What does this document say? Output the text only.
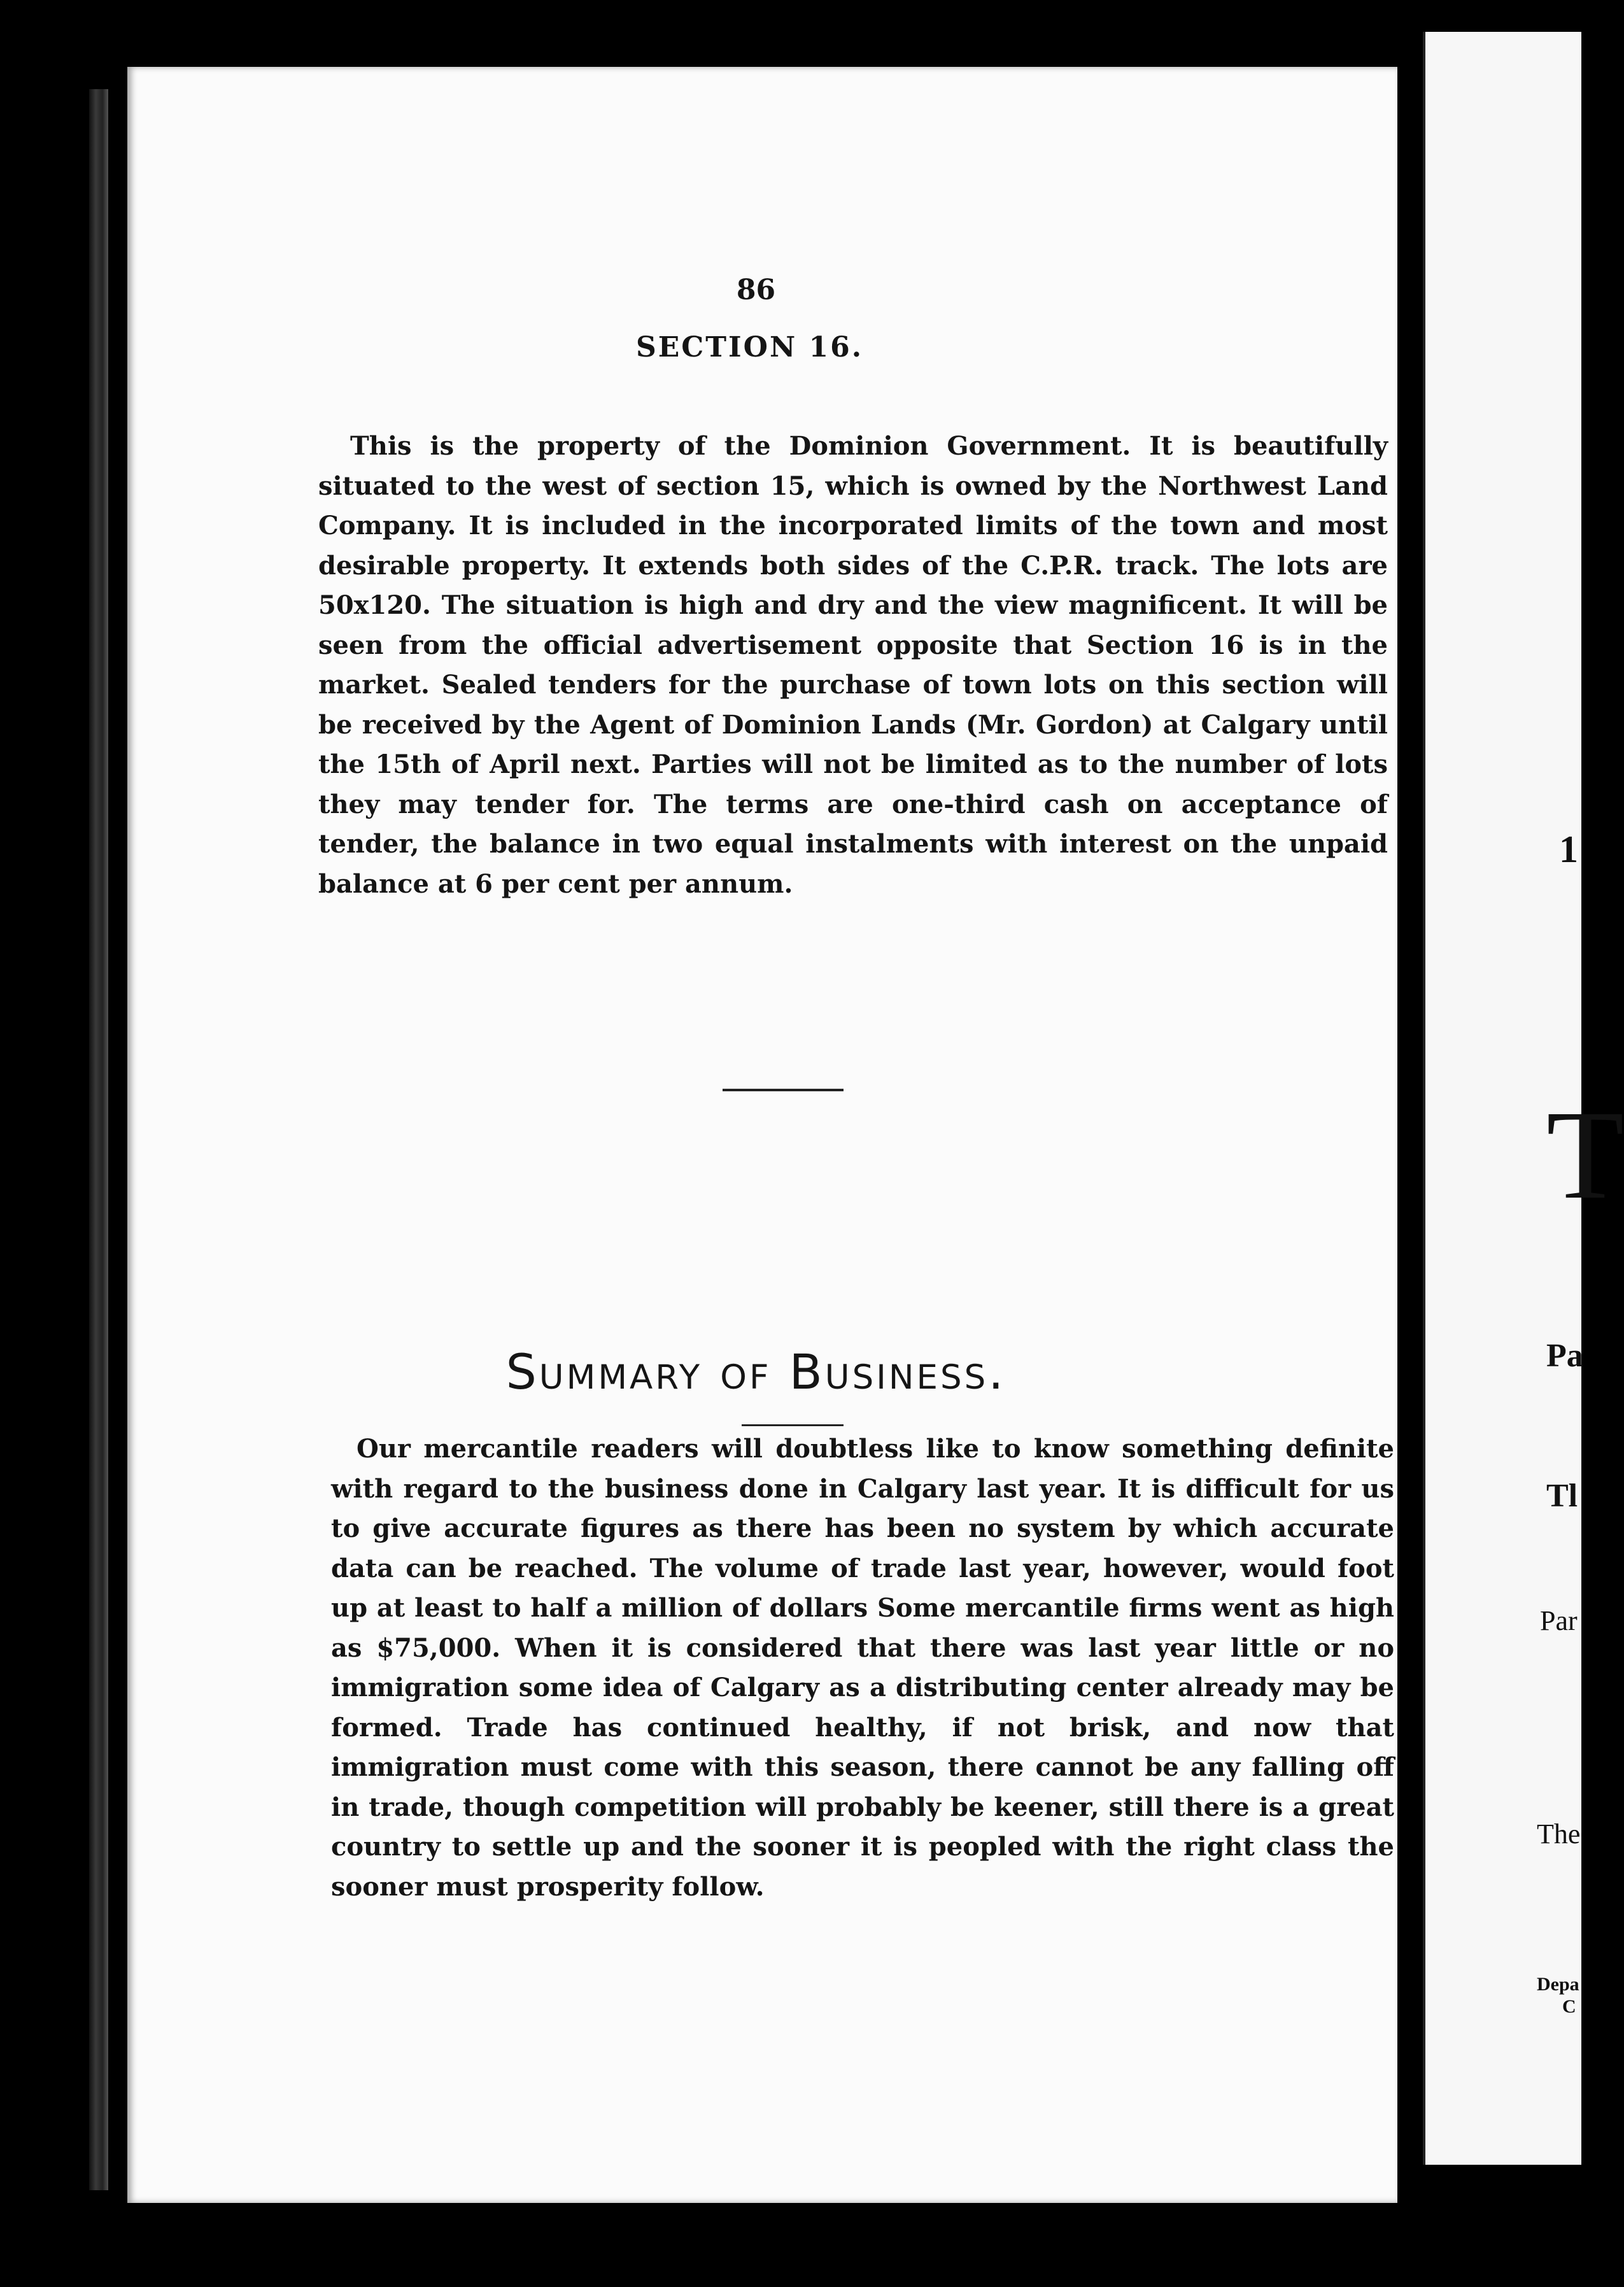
86
SECTION 16.

This is the property of the Dominion Government. It is beautifully situated to the west of section 15, which is owned by the Northwest Land Company. It is included in the incorporated limits of the town and most desirable property. It extends both sides of the C.P.R. track. The lots are 50x120. The situation is high and dry and the view magnificent. It will be seen from the official advertisement opposite that Section 16 is in the market. Sealed tenders for the purchase of town lots on this section will be received by the Agent of Dominion Lands (Mr. Gordon) at Calgary until the 15th of April next. Parties will not be limited as to the number of lots they may tender for. The terms are one-third cash on acceptance of tender, the balance in two equal instalments with interest on the unpaid balance at 6 per cent per annum.

Summary of Business.

Our mercantile readers will doubtless like to know something definite with regard to the business done in Calgary last year. It is difficult for us to give accurate figures as there has been no system by which accurate data can be reached. The volume of trade last year, however, would foot up at least to half a million of dollars Some mercantile firms went as high as $75,000. When it is considered that there was last year little or no immigration some idea of Calgary as a distributing center already may be formed. Trade has continued healthy, if not brisk, and now that immigration must come with this season, there cannot be any falling off in trade, though competition will probably be keener, still there is a great country to settle up and the sooner it is peopled with the right class the sooner must prosperity follow.

1
T
Pa
Tl
Par
The
Depa
C
